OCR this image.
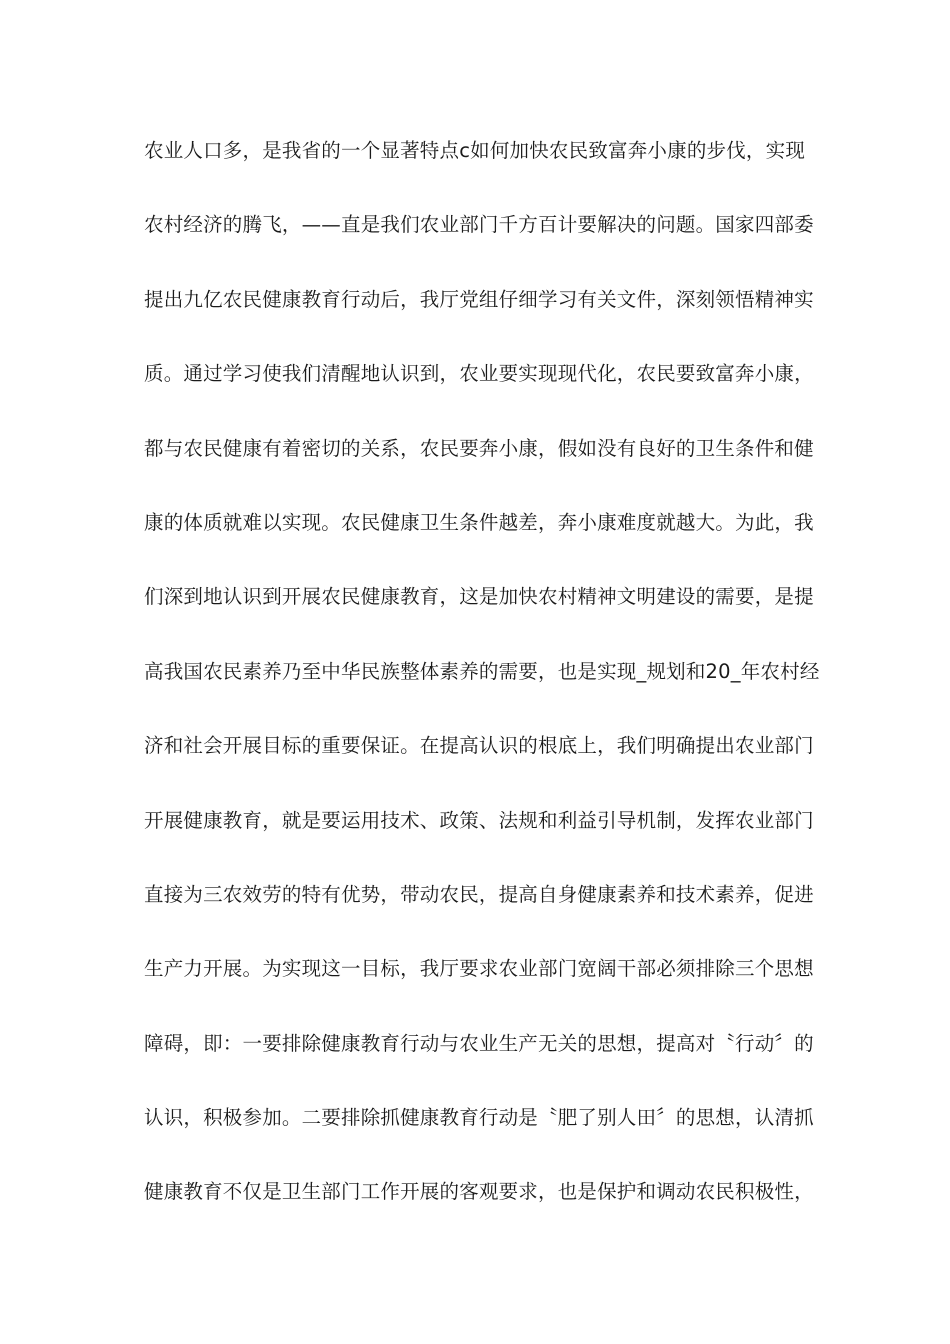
农业人口多，是我省的一个显著特点c如何加快农民致富奔小康的步伐，实现
农村经济的腾飞，——直是我们农业部门千方百计要解决的问题。国家四部委
提出九亿农民健康教育行动后，我厅党组仔细学习有关文件，深刻领悟精神实
质。通过学习使我们清醒地认识到，农业要实现现代化，农民要致富奔小康，
都与农民健康有着密切的关系，农民要奔小康，假如没有良好的卫生条件和健
康的体质就难以实现。农民健康卫生条件越差，奔小康难度就越大。为此，我
们深到地认识到开展农民健康教育，这是加快农村精神文明建设的需要，是提
高我国农民素养乃至中华民族整体素养的需要，也是实现_规划和20_年农村经
济和社会开展目标的重要保证。在提高认识的根底上，我们明确提出农业部门
开展健康教育，就是要运用技术、政策、法规和利益引导机制，发挥农业部门
直接为三农效劳的特有优势，带动农民，提高自身健康素养和技术素养，促进
生产力开展。为实现这一目标，我厅要求农业部门宽阔干部必须排除三个思想
障碍，即：一要排除健康教育行动与农业生产无关的思想，提高对〝行动〞的
认识，积极参加。二要排除抓健康教育行动是〝肥了别人田〞的思想，认清抓
健康教育不仅是卫生部门工作开展的客观要求，也是保护和调动农民积极性，
